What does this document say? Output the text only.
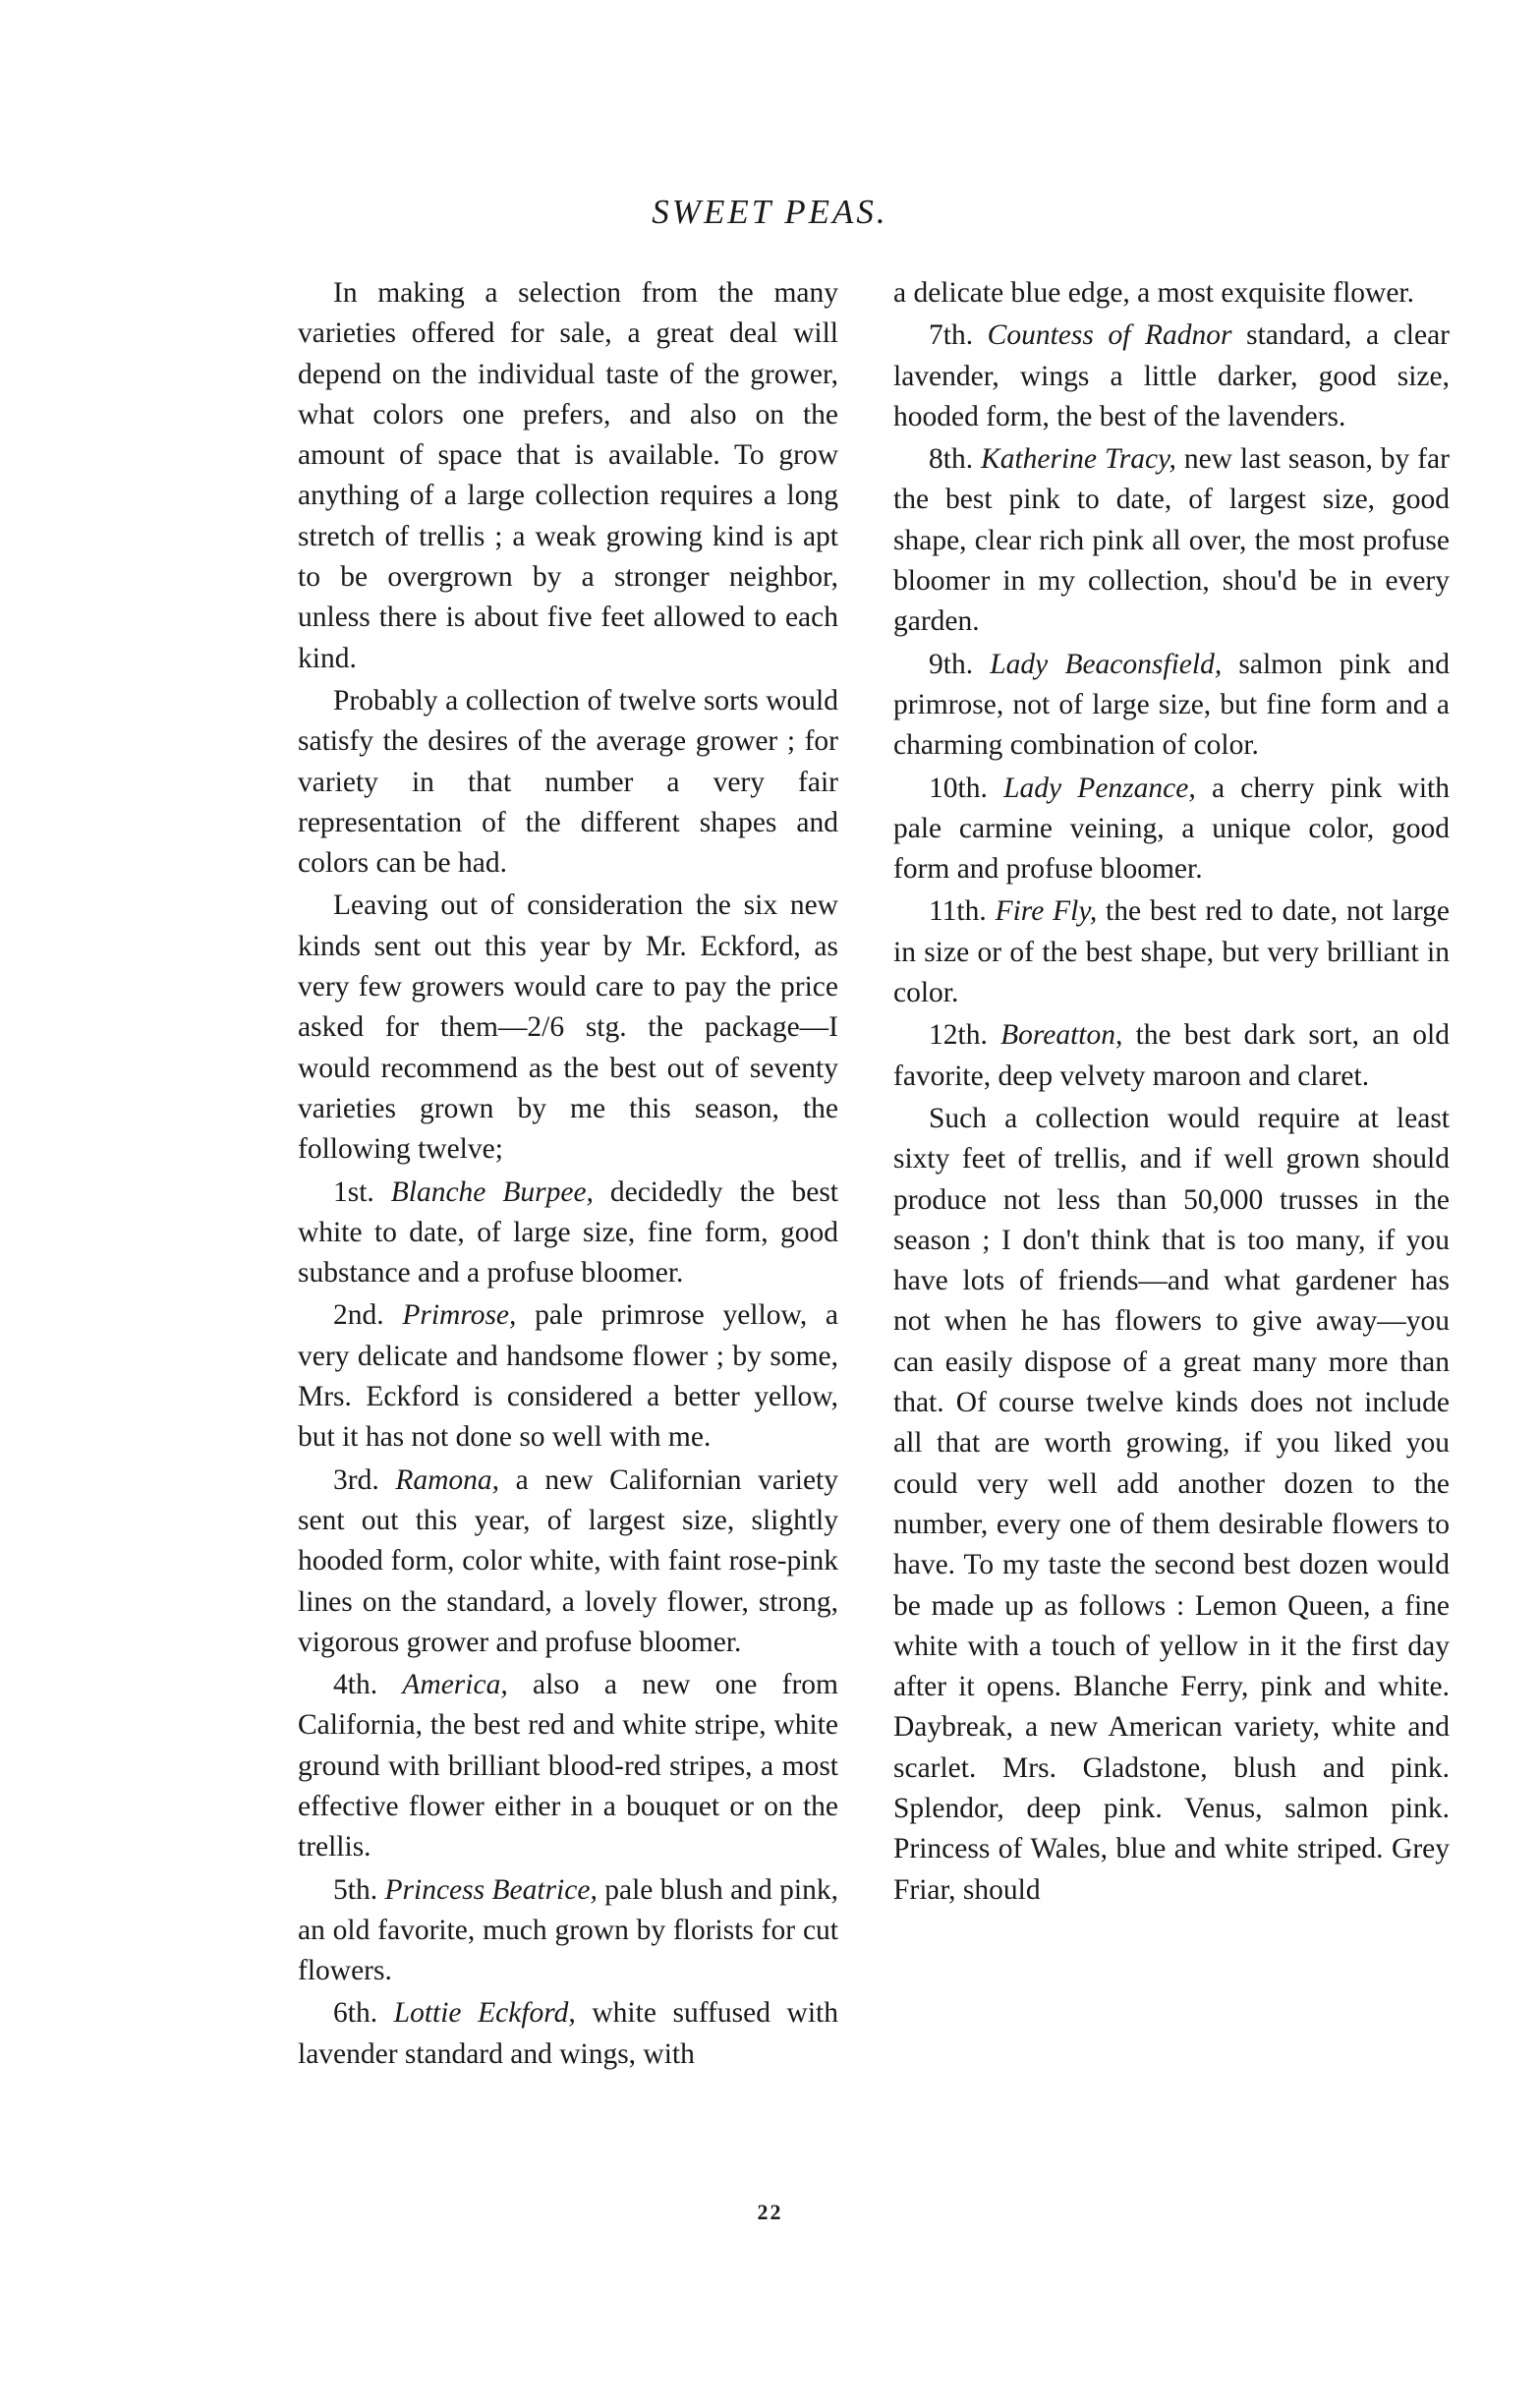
SWEET PEAS.

In making a selection from the many varieties offered for sale, a great deal will depend on the individual taste of the grower, what colors one prefers, and also on the amount of space that is available. To grow anything of a large collection requires a long stretch of trellis ; a weak growing kind is apt to be overgrown by a stronger neighbor, unless there is about five feet allowed to each kind.

Probably a collection of twelve sorts would satisfy the desires of the average grower ; for variety in that number a very fair representation of the different shapes and colors can be had.

Leaving out of consideration the six new kinds sent out this year by Mr. Eckford, as very few growers would care to pay the price asked for them—2/6 stg. the package—I would recommend as the best out of seventy varieties grown by me this season, the following twelve;

1st. Blanche Burpee, decidedly the best white to date, of large size, fine form, good substance and a profuse bloomer.

2nd. Primrose, pale primrose yellow, a very delicate and handsome flower ; by some, Mrs. Eckford is considered a better yellow, but it has not done so well with me.

3rd. Ramona, a new Californian variety sent out this year, of largest size, slightly hooded form, color white, with faint rose-pink lines on the standard, a lovely flower, strong, vigorous grower and profuse bloomer.

4th. America, also a new one from California, the best red and white stripe, white ground with brilliant blood-red stripes, a most effective flower either in a bouquet or on the trellis.

5th. Princess Beatrice, pale blush and pink, an old favorite, much grown by florists for cut flowers.

6th. Lottie Eckford, white suffused with lavender standard and wings, with

a delicate blue edge, a most exquisite flower.

7th. Countess of Radnor standard, a clear lavender, wings a little darker, good size, hooded form, the best of the lavenders.

8th. Katherine Tracy, new last season, by far the best pink to date, of largest size, good shape, clear rich pink all over, the most profuse bloomer in my collection, shou'd be in every garden.

9th. Lady Beaconsfield, salmon pink and primrose, not of large size, but fine form and a charming combination of color.

10th. Lady Penzance, a cherry pink with pale carmine veining, a unique color, good form and profuse bloomer.

11th. Fire Fly, the best red to date, not large in size or of the best shape, but very brilliant in color.

12th. Boreatton, the best dark sort, an old favorite, deep velvety maroon and claret.

Such a collection would require at least sixty feet of trellis, and if well grown should produce not less than 50,000 trusses in the season ; I don't think that is too many, if you have lots of friends—and what gardener has not when he has flowers to give away—you can easily dispose of a great many more than that. Of course twelve kinds does not include all that are worth growing, if you liked you could very well add another dozen to the number, every one of them desirable flowers to have. To my taste the second best dozen would be made up as follows : Lemon Queen, a fine white with a touch of yellow in it the first day after it opens. Blanche Ferry, pink and white. Daybreak, a new American variety, white and scarlet. Mrs. Gladstone, blush and pink. Splendor, deep pink. Venus, salmon pink. Princess of Wales, blue and white striped. Grey Friar, should

22
